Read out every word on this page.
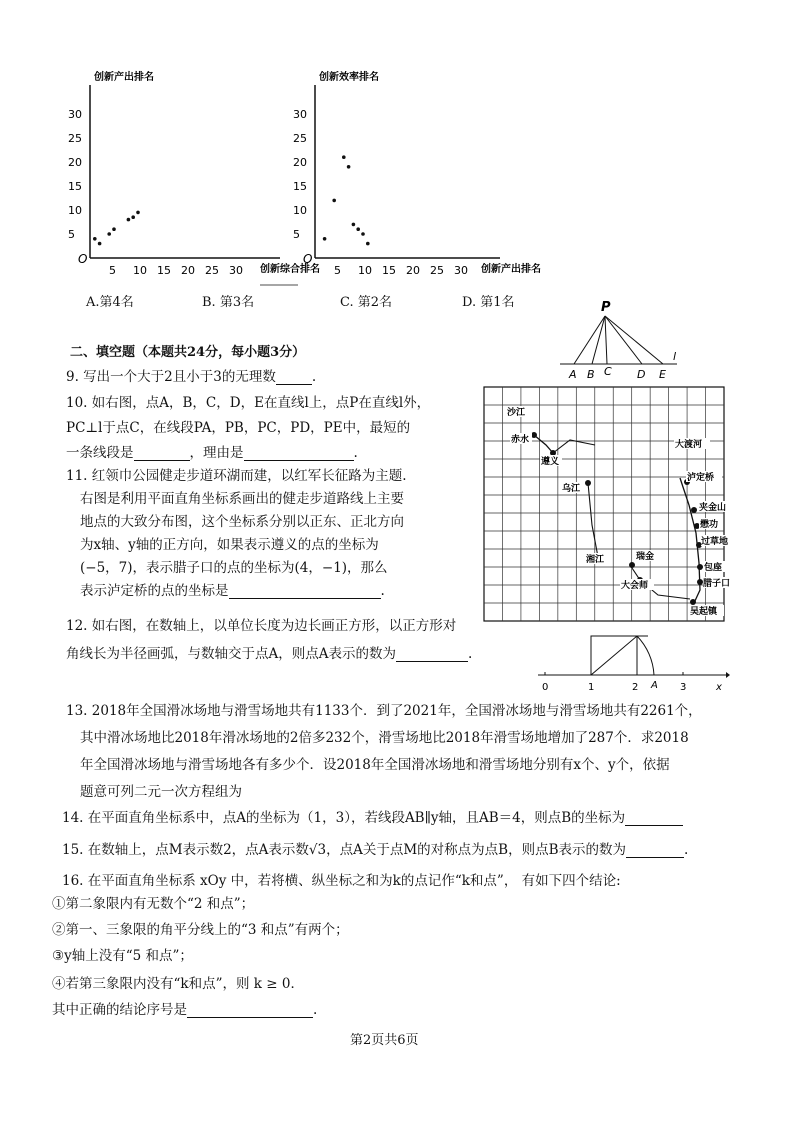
创新产出排名
O
创新综合排名
30
25
20
15
10
5
5 10 15 20 25 30
创新效率排名
O
创新产出排名
30
25
20
15
10
5
5 10 15 20 25 30
A.第4名	B. 第3名	C. 第2名	D. 第1名
二、填空题（本题共24分，每小题3分）
9. 写出一个大于2且小于3的无理数	.
10. 如右图，点A，B，C，D，E在直线l上，点P在直线l外，
PC⊥l于点C，在线段PA，PB，PC，PD，PE中，最短的
一条线段是	，理由是	.
P
A B C D E
l
11. 红领巾公园健走步道环湖而建，以红军长征路为主题.
右图是利用平面直角坐标系画出的健走步道路线上主要
地点的大致分布图，这个坐标系分别以正东、正北方向
为x轴、y轴的正方向，如果表示遵义的点的坐标为
(−5，7)，表示腊子口的点的坐标为(4，−1)，那么
表示泸定桥的点的坐标是	.
沙江
赤水
遵义
乌江
大渡河
泸定桥
夹金山
懋功
过草地
湘江	瑞金
大会师
包座
腊子口
吴起镇
12. 如右图，在数轴上，以单位长度为边长画正方形，以正方形对
角线长为半径画弧，与数轴交于点A，则点A表示的数为	.
0	1	2 A 3	x
13. 2018年全国滑冰场地与滑雪场地共有1133个．到了2021年，全国滑冰场地与滑雪场地共有2261个，
其中滑冰场地比2018年滑冰场地的2倍多232个，滑雪场地比2018年滑雪场地增加了287个．求2018
年全国滑冰场地与滑雪场地各有多少个．设2018年全国滑冰场地和滑雪场地分别有x个、y个，依据
题意可列二元一次方程组为
14. 在平面直角坐标系中，点A的坐标为（1，3），若线段AB∥y轴，且AB＝4，则点B的坐标为
15. 在数轴上，点M表示数2，点A表示数√3，点A关于点M的对称点为点B，则点B表示的数为	.
16. 在平面直角坐标系 xOy 中，若将横、纵坐标之和为k的点记作“k和点”， 有如下四个结论:
①第二象限内有无数个“2 和点”；
②第一、三象限的角平分线上的“3 和点”有两个；
③y轴上没有“5 和点”；
④若第三象限内没有“k和点”，则 k ≥ 0．
其中正确的结论序号是	.
第2页共6页
